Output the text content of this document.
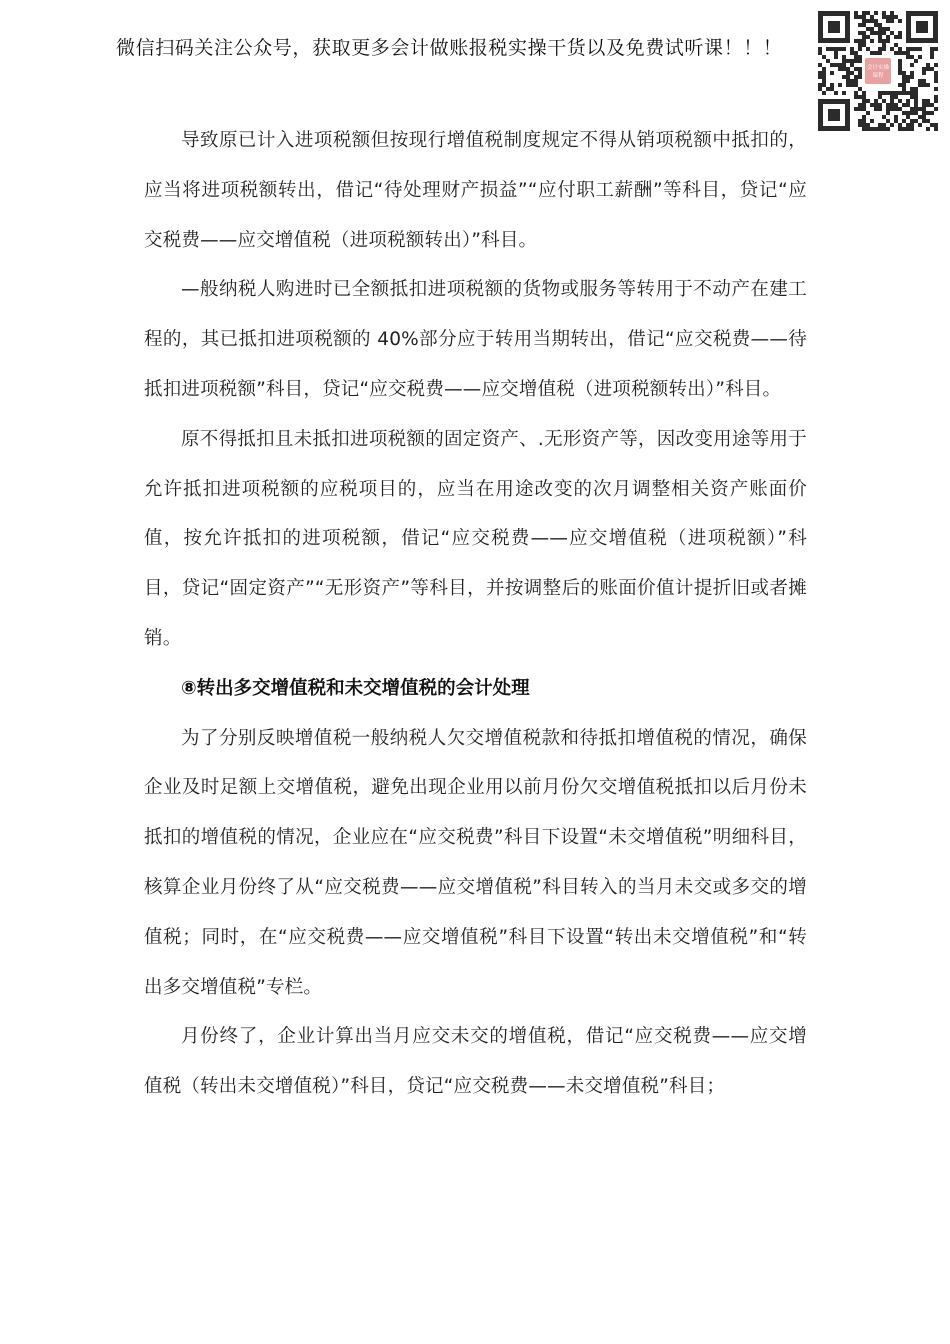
微信扫码关注公众号，获取更多会计做账报税实操干货以及免费试听课！！！
会计实操
课程

导致原已计入进项税额但按现行增值税制度规定不得从销项税额中抵扣的，应当将进项税额转出，借记“待处理财产损益”“应付职工薪酬”等科目，贷记“应交税费——应交增值税（进项税额转出）”科目。

—般纳税人购进时已全额抵扣进项税额的货物或服务等转用于不动产在建工程的，其已抵扣进项税额的 40%部分应于转用当期转出，借记“应交税费——待抵扣进项税额”科目，贷记“应交税费——应交增值税（进项税额转出）”科目。

原不得抵扣且未抵扣进项税额的固定资产、.无形资产等，因改变用途等用于允许抵扣进项税额的应税项目的，应当在用途改变的次月调整相关资产账面价值，按允许抵扣的进项税额，借记“应交税费——应交增值税（进项税额）”科目，贷记“固定资产”“无形资产”等科目，并按调整后的账面价值计提折旧或者摊销。

⑧转出多交增值税和未交增值税的会计处理

为了分别反映增值税一般纳税人欠交增值税款和待抵扣增值税的情况，确保企业及时足额上交增值税，避免出现企业用以前月份欠交增值税抵扣以后月份未抵扣的增值税的情况，企业应在“应交税费”科目下设置“未交增值税”明细科目，核算企业月份终了从“应交税费——应交增值税”科目转入的当月未交或多交的增值税；同时，在“应交税费——应交增值税”科目下设置“转出未交增值税”和“转出多交增值税”专栏。

月份终了，企业计算出当月应交未交的增值税，借记“应交税费——应交增值税（转出未交增值税）”科目，贷记“应交税费——未交增值税”科目；
